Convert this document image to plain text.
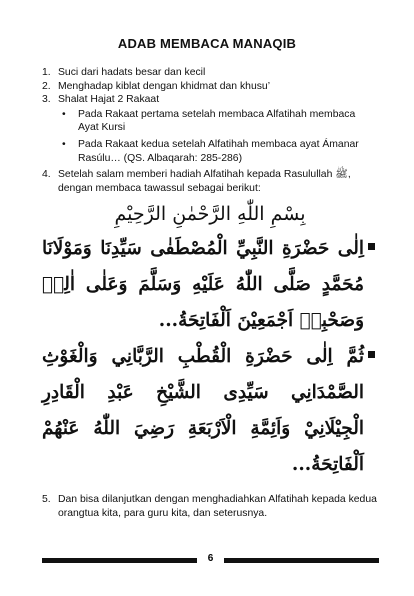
ADAB MEMBACA MANAQIB
1. Suci dari hadats besar dan kecil
2. Menghadap kiblat dengan khidmat dan khusu’
3. Shalat Hajat 2 Rakaat
•	Pada Rakaat pertama setelah membaca Alfatihah membaca Ayat Kursi
•	Pada Rakaat kedua setelah Alfatihah membaca ayat Ámanar Rasúlu… (QS. Albaqarah: 285-286)
4. Setelah salam memberi hadiah Alfatihah kepada Rasulullah ﷺ, dengan membaca tawassul sebagai berikut:
بِسْمِ اللّٰهِ الرَّحْمٰنِ الرَّحِيْمِ
اِلٰى حَضْرَةِ النَّبِيِّ الْمُصْطَفٰى سَيِّدِنَا وَمَوْلَانَا مُحَمَّدٍ صَلَّى اللّٰهُ عَلَيْهِ وَسَلَّمَ وَعَلٰى اٰلِهٖ وَصَحْبِهٖ اَجْمَعِيْنَ اَلْفَاتِحَةُ...
ثُمَّ اِلٰى حَضْرَةِ الْقُطْبِ الرَّبَّانِي وَالْغَوْثِ الصَّمْدَانِي سَيِّدِى الشَّيْخِ عَبْدِ الْقَادِرِ الْجِيْلَانِيْ وَاَئِمَّةِ الْاَرْبَعَةِ رَضِيَ اللّٰهُ عَنْهُمْ اَلْفَاتِحَةُ...
5. Dan bisa dilanjutkan dengan menghadiahkan Alfatihah kepada kedua orangtua kita, para guru kita, dan seterusnya.
6
